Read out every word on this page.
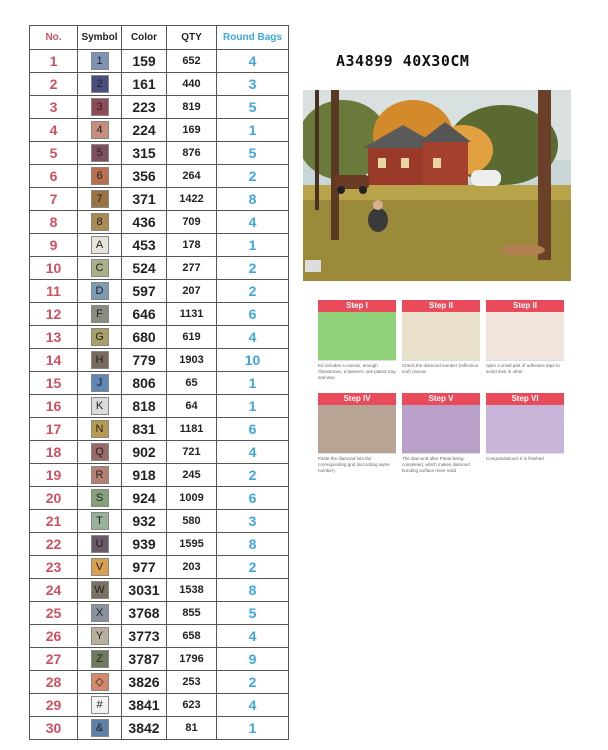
No.	Symbol	Color	QTY	Round Bags
1	1	159	652	4
2	2	161	440	3
3	3	223	819	5
4	4	224	169	1
5	5	315	876	5
6	6	356	264	2
7	7	371	1422	8
8	8	436	709	4
9	A	453	178	1
10	C	524	277	2
11	D	597	207	2
12	F	646	1131	6
13	G	680	619	4
14	H	779	1903	10
15	J	806	65	1
16	K	818	64	1
17	N	831	1181	6
18	Q	902	721	4
19	R	918	245	2
20	S	924	1009	6
21	T	932	580	3
22	U	939	1595	8
23	V	977	203	2
24	W	3031	1538	8
25	X	3768	855	5
26	Y	3773	658	4
27	Z	3787	1796	9
28	◇	3826	253	2
29	#	3841	623	4
30	&	3842	81	1
A34899 40X30CM
Step I
Kit includes a canvas, enough rhinestones, a tweezer, one plastic tray and wax
Step II
Check the diamond number (reflection tool) canvas
Step II
open a small part of adhesive tape to avoid dust in other
Step IV
Paste the diamond into the corresponding grid (according same number)
Step V
The diamond after Paste being completed, which makes diamond bonding surface more solid
Step VI
Congratulations! It is finished
